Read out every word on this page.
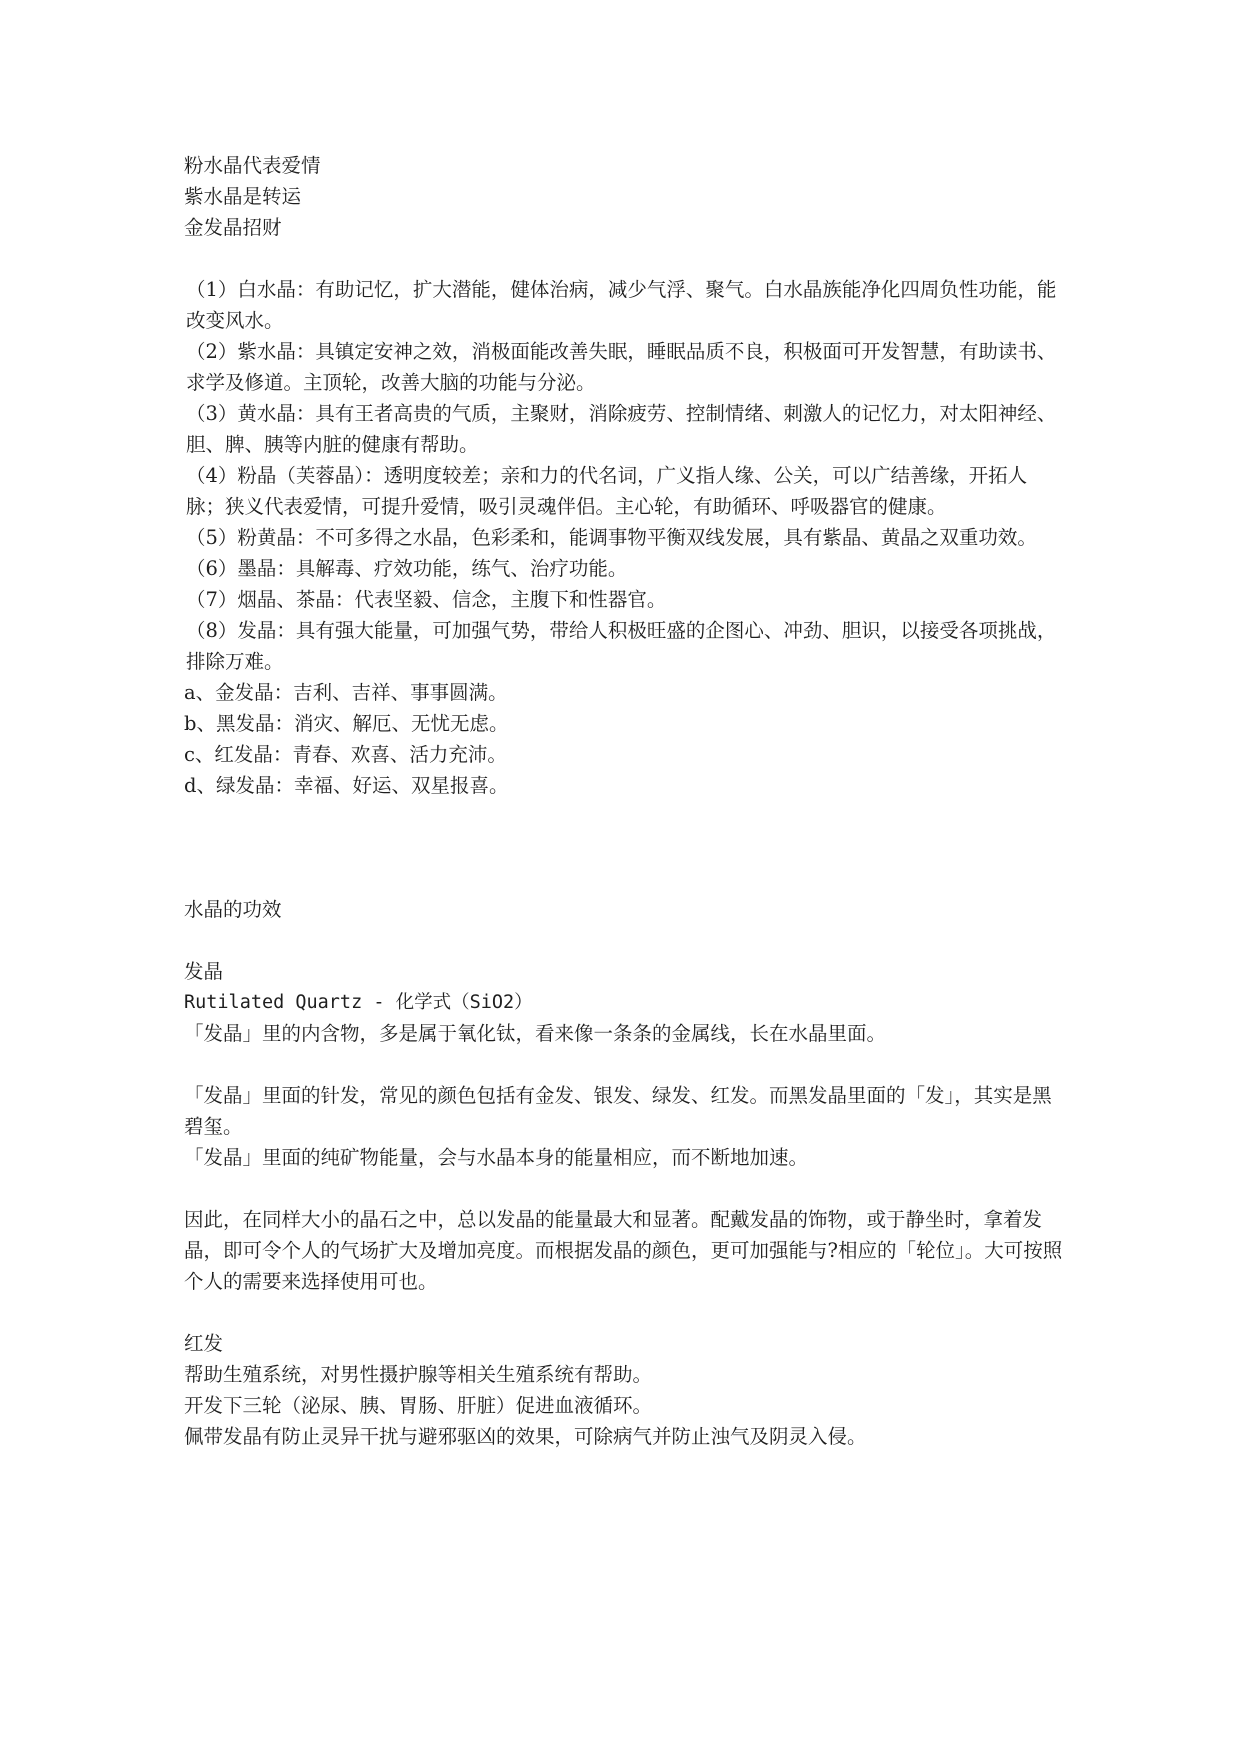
粉水晶代表爱情

紫水晶是转运

金发晶招财

（1）白水晶：有助记忆，扩大潜能，健体治病，减少气浮、聚气。白水晶族能净化四周负性功能，能改变风水。

（2）紫水晶：具镇定安神之效，消极面能改善失眠，睡眠品质不良，积极面可开发智慧，有助读书、求学及修道。主顶轮，改善大脑的功能与分泌。

（3）黄水晶：具有王者高贵的气质，主聚财，消除疲劳、控制情绪、刺激人的记忆力，对太阳神经、胆、脾、胰等内脏的健康有帮助。

（4）粉晶（芙蓉晶）：透明度较差；亲和力的代名词，广义指人缘、公关，可以广结善缘，开拓人脉；狭义代表爱情，可提升爱情，吸引灵魂伴侣。主心轮，有助循环、呼吸器官的健康。

（5）粉黄晶：不可多得之水晶，色彩柔和，能调事物平衡双线发展，具有紫晶、黄晶之双重功效。

（6）墨晶：具解毒、疗效功能，练气、治疗功能。

（7）烟晶、茶晶：代表坚毅、信念，主腹下和性器官。

（8）发晶：具有强大能量，可加强气势，带给人积极旺盛的企图心、冲劲、胆识，以接受各项挑战，排除万难。

a、金发晶：吉利、吉祥、事事圆满。

b、黑发晶：消灾、解厄、无忧无虑。

c、红发晶：青春、欢喜、活力充沛。

d、绿发晶：幸福、好运、双星报喜。

水晶的功效

发晶

Rutilated Quartz - 化学式（SiO2）

「发晶」里的内含物，多是属于氧化钛，看来像一条条的金属线，长在水晶里面。

「发晶」里面的针发，常见的颜色包括有金发、银发、绿发、红发。而黑发晶里面的「发」，其实是黑碧玺。

「发晶」里面的纯矿物能量，会与水晶本身的能量相应，而不断地加速。

因此，在同样大小的晶石之中，总以发晶的能量最大和显著。配戴发晶的饰物，或于静坐时，拿着发晶，即可令个人的气场扩大及增加亮度。而根据发晶的颜色，更可加强能与?相应的「轮位」。大可按照个人的需要来选择使用可也。

红发

帮助生殖系统，对男性摄护腺等相关生殖系统有帮助。

开发下三轮（泌尿、胰、胃肠、肝脏）促进血液循环。

佩带发晶有防止灵异干扰与避邪驱凶的效果，可除病气并防止浊气及阴灵入侵。
